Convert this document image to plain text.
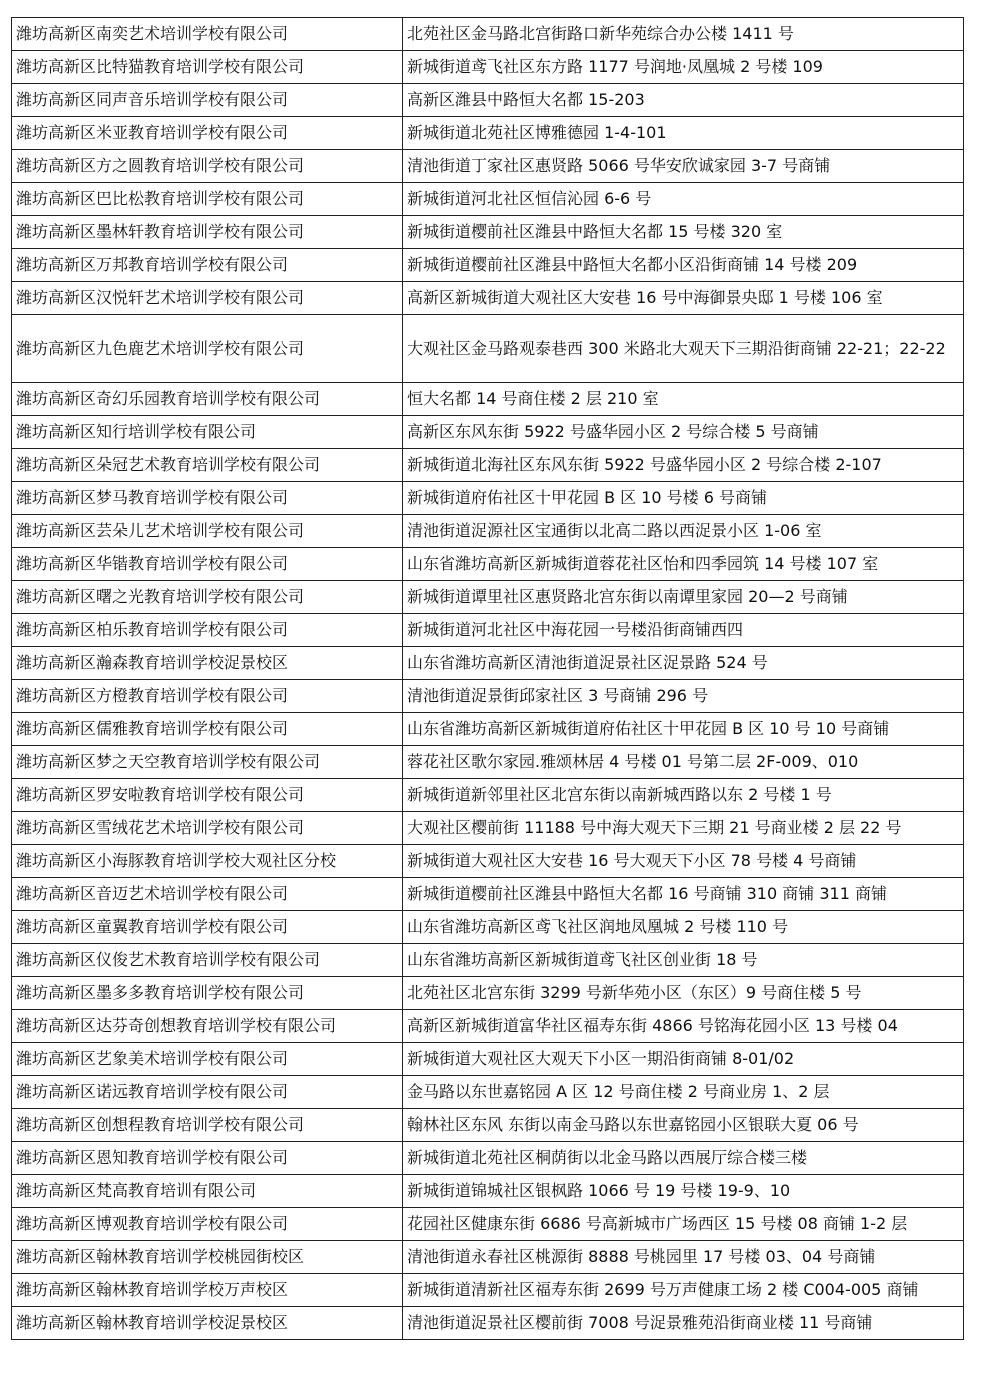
潍坊高新区南奕艺术培训学校有限公司	北苑社区金马路北宫街路口新华苑综合办公楼 1411 号
潍坊高新区比特猫教育培训学校有限公司	新城街道鸢飞社区东方路 1177 号润地·凤凰城 2 号楼 109
潍坊高新区同声音乐培训学校有限公司	高新区潍县中路恒大名都 15-203
潍坊高新区米亚教育培训学校有限公司	新城街道北苑社区博雅德园 1-4-101
潍坊高新区方之圆教育培训学校有限公司	清池街道丁家社区惠贤路 5066 号华安欣诚家园 3-7 号商铺
潍坊高新区巴比松教育培训学校有限公司	新城街道河北社区恒信沁园 6-6 号
潍坊高新区墨林轩教育培训学校有限公司	新城街道樱前社区潍县中路恒大名都 15 号楼 320 室
潍坊高新区万邦教育培训学校有限公司	新城街道樱前社区潍县中路恒大名都小区沿街商铺 14 号楼 209
潍坊高新区汉悦轩艺术培训学校有限公司	高新区新城街道大观社区大安巷 16 号中海御景央邸 1 号楼 106 室
潍坊高新区九色鹿艺术培训学校有限公司	大观社区金马路观泰巷西 300 米路北大观天下三期沿街商铺 22-21；22-22
潍坊高新区奇幻乐园教育培训学校有限公司	恒大名都 14 号商住楼 2 层 210 室
潍坊高新区知行培训学校有限公司	高新区东风东街 5922 号盛华园小区 2 号综合楼 5 号商铺
潍坊高新区朵冠艺术教育培训学校有限公司	新城街道北海社区东风东街 5922 号盛华园小区 2 号综合楼 2-107
潍坊高新区梦马教育培训学校有限公司	新城街道府佑社区十甲花园 B 区 10 号楼 6 号商铺
潍坊高新区芸朵儿艺术培训学校有限公司	清池街道浞源社区宝通街以北高二路以西浞景小区 1-06 室
潍坊高新区华锴教育培训学校有限公司	山东省潍坊高新区新城街道蓉花社区怡和四季园筑 14 号楼 107 室
潍坊高新区曙之光教育培训学校有限公司	新城街道谭里社区惠贤路北宫东街以南谭里家园 20—2 号商铺
潍坊高新区柏乐教育培训学校有限公司	新城街道河北社区中海花园一号楼沿街商铺西四
潍坊高新区瀚森教育培训学校浞景校区	山东省潍坊高新区清池街道浞景社区浞景路 524 号
潍坊高新区方橙教育培训学校有限公司	清池街道浞景街邱家社区 3 号商铺 296 号
潍坊高新区儒雅教育培训学校有限公司	山东省潍坊高新区新城街道府佑社区十甲花园 B 区 10 号 10 号商铺
潍坊高新区梦之天空教育培训学校有限公司	蓉花社区歌尔家园.雅颂林居 4 号楼 01 号第二层 2F-009、010
潍坊高新区罗安啦教育培训学校有限公司	新城街道新邻里社区北宫东街以南新城西路以东 2 号楼 1 号
潍坊高新区雪绒花艺术培训学校有限公司	大观社区樱前街 11188 号中海大观天下三期 21 号商业楼 2 层 22 号
潍坊高新区小海豚教育培训学校大观社区分校	新城街道大观社区大安巷 16 号大观天下小区 78 号楼 4 号商铺
潍坊高新区音迈艺术培训学校有限公司	新城街道樱前社区潍县中路恒大名都 16 号商铺 310 商铺 311 商铺
潍坊高新区童翼教育培训学校有限公司	山东省潍坊高新区鸢飞社区润地凤凰城 2 号楼 110 号
潍坊高新区仪俊艺术教育培训学校有限公司	山东省潍坊高新区新城街道鸢飞社区创业街 18 号
潍坊高新区墨多多教育培训学校有限公司	北苑社区北宫东街 3299 号新华苑小区（东区）9 号商住楼 5 号
潍坊高新区达芬奇创想教育培训学校有限公司	高新区新城街道富华社区福寿东街 4866 号铭海花园小区 13 号楼 04
潍坊高新区艺象美术培训学校有限公司	新城街道大观社区大观天下小区一期沿街商铺 8-01/02
潍坊高新区诺远教育培训学校有限公司	金马路以东世嘉铭园 A 区 12 号商住楼 2 号商业房 1、2 层
潍坊高新区创想程教育培训学校有限公司	翰林社区东风 东街以南金马路以东世嘉铭园小区银联大夏 06 号
潍坊高新区恩知教育培训学校有限公司	新城街道北苑社区桐荫街以北金马路以西展厅综合楼三楼
潍坊高新区梵高教育培训有限公司	新城街道锦城社区银枫路 1066 号 19 号楼 19-9、10
潍坊高新区博观教育培训学校有限公司	花园社区健康东街 6686 号高新城市广场西区 15 号楼 08 商铺 1-2 层
潍坊高新区翰林教育培训学校桃园街校区	清池街道永春社区桃源街 8888 号桃园里 17 号楼 03、04 号商铺
潍坊高新区翰林教育培训学校万声校区	新城街道清新社区福寿东街 2699 号万声健康工场 2 楼 C004-005 商铺
潍坊高新区翰林教育培训学校浞景校区	清池街道浞景社区樱前街 7008 号浞景雅苑沿街商业楼 11 号商铺
